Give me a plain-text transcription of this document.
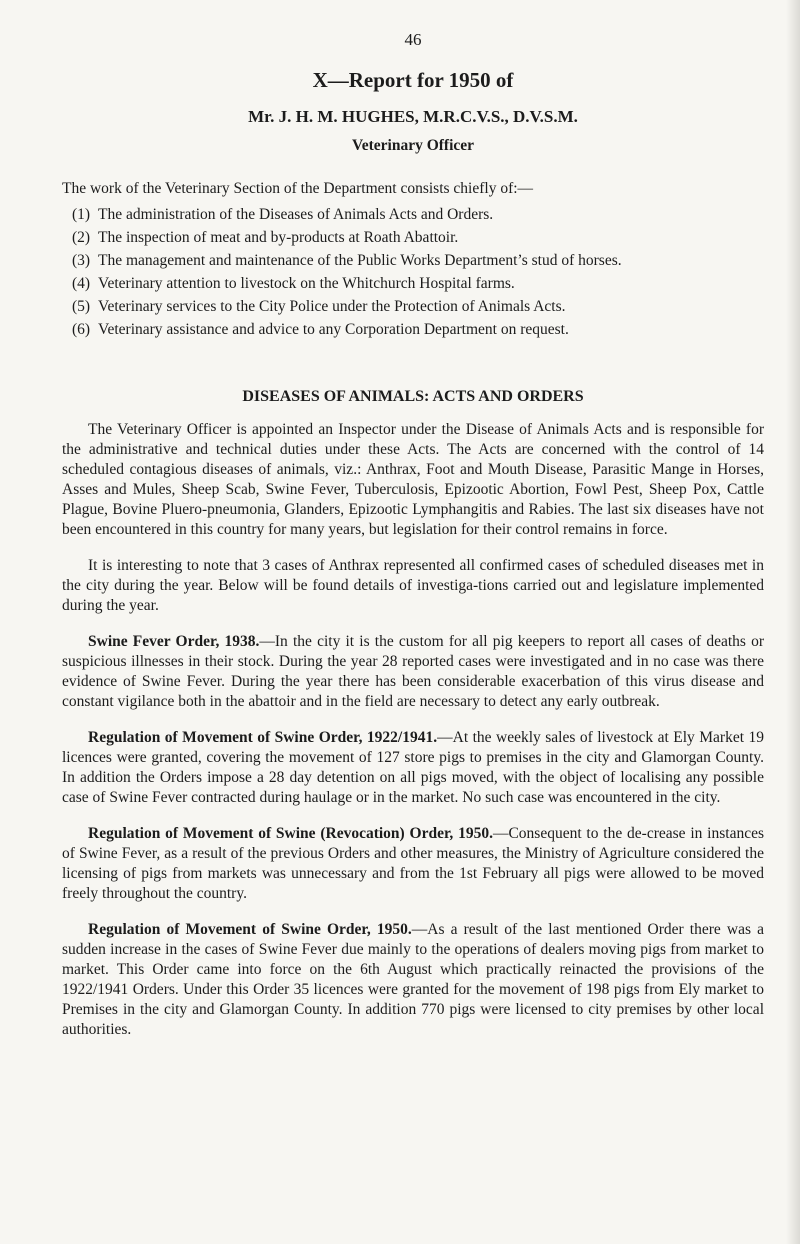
46
X—Report for 1950 of
Mr. J. H. M. HUGHES, M.R.C.V.S., D.V.S.M.
Veterinary Officer

The work of the Veterinary Section of the Department consists chiefly of:—

(1) The administration of the Diseases of Animals Acts and Orders.
(2) The inspection of meat and by-products at Roath Abattoir.
(3) The management and maintenance of the Public Works Department’s stud of horses.
(4) Veterinary attention to livestock on the Whitchurch Hospital farms.
(5) Veterinary services to the City Police under the Protection of Animals Acts.
(6) Veterinary assistance and advice to any Corporation Department on request.
DISEASES OF ANIMALS: ACTS AND ORDERS

The Veterinary Officer is appointed an Inspector under the Disease of Animals Acts and is responsible for the administrative and technical duties under these Acts. The Acts are concerned with the control of 14 scheduled contagious diseases of animals, viz.: Anthrax, Foot and Mouth Disease, Parasitic Mange in Horses, Asses and Mules, Sheep Scab, Swine Fever, Tuberculosis, Epizootic Abortion, Fowl Pest, Sheep Pox, Cattle Plague, Bovine Pluero-pneumonia, Glanders, Epizootic Lymphangitis and Rabies. The last six diseases have not been encountered in this country for many years, but legislation for their control remains in force.

It is interesting to note that 3 cases of Anthrax represented all confirmed cases of scheduled diseases met in the city during the year. Below will be found details of investiga-tions carried out and legislature implemented during the year.

Swine Fever Order, 1938.—In the city it is the custom for all pig keepers to report all cases of deaths or suspicious illnesses in their stock. During the year 28 reported cases were investigated and in no case was there evidence of Swine Fever. During the year there has been considerable exacerbation of this virus disease and constant vigilance both in the abattoir and in the field are necessary to detect any early outbreak.

Regulation of Movement of Swine Order, 1922/1941.—At the weekly sales of livestock at Ely Market 19 licences were granted, covering the movement of 127 store pigs to premises in the city and Glamorgan County. In addition the Orders impose a 28 day detention on all pigs moved, with the object of localising any possible case of Swine Fever contracted during haulage or in the market. No such case was encountered in the city.

Regulation of Movement of Swine (Revocation) Order, 1950.—Consequent to the de-crease in instances of Swine Fever, as a result of the previous Orders and other measures, the Ministry of Agriculture considered the licensing of pigs from markets was unnecessary and from the 1st February all pigs were allowed to be moved freely throughout the country.

Regulation of Movement of Swine Order, 1950.—As a result of the last mentioned Order there was a sudden increase in the cases of Swine Fever due mainly to the operations of dealers moving pigs from market to market. This Order came into force on the 6th August which practically reinacted the provisions of the 1922/1941 Orders. Under this Order 35 licences were granted for the movement of 198 pigs from Ely market to Premises in the city and Glamorgan County. In addition 770 pigs were licensed to city premises by other local authorities.
